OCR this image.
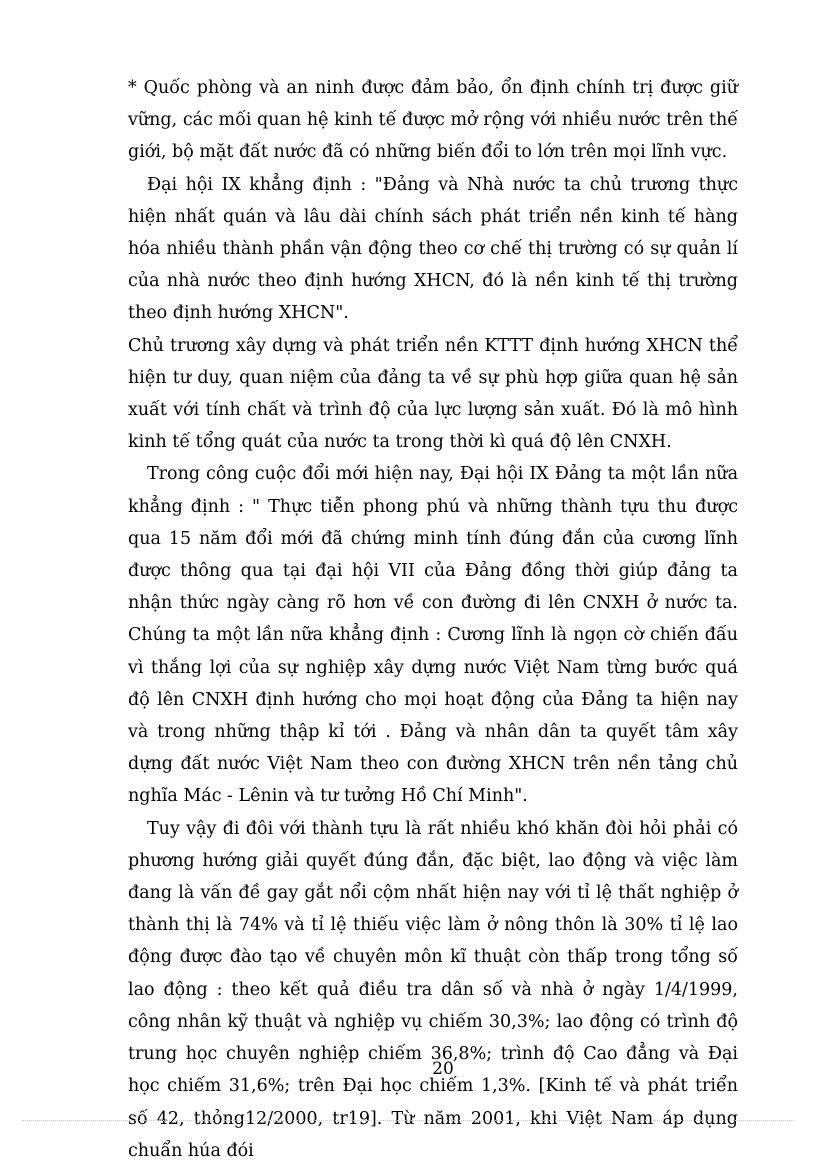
* Quốc phòng và an ninh được đảm bảo, ổn định chính trị được giữ vững, các mối quan hệ kinh tế được mở rộng với nhiều nước trên thế giới, bộ mặt đất nước đã có những biến đổi to lớn trên mọi lĩnh vực.

Đại hội IX khẳng định : "Đảng và Nhà nước ta chủ trương thực hiện nhất quán và lâu dài chính sách phát triển nền kinh tế hàng hóa nhiều thành phần vận động theo cơ chế thị trường có sự quản lí của nhà nước theo định hướng XHCN, đó là nền kinh tế thị trường theo định hướng XHCN".

Chủ trương xây dựng và phát triển nền KTTT định hướng XHCN thể hiện tư duy, quan niệm của đảng ta về sự phù hợp giữa quan hệ sản xuất với tính chất và trình độ của lực lượng sản xuất. Đó là mô hình kinh tế tổng quát của nước ta trong thời kì quá độ lên CNXH.

Trong công cuộc đổi mới hiện nay, Đại hội IX Đảng ta một lần nữa khẳng định : " Thực tiễn phong phú và những thành tựu thu được qua 15 năm đổi mới đã chứng minh tính đúng đắn của cương lĩnh được thông qua tại đại hội VII của Đảng đồng thời giúp đảng ta nhận thức ngày càng rõ hơn về con đường đi lên CNXH ở nước ta. Chúng ta một lần nữa khẳng định : Cương lĩnh là ngọn cờ chiến đấu vì thắng lợi của sự nghiệp xây dựng nước Việt Nam từng bước quá độ lên CNXH định hướng cho mọi hoạt động của Đảng ta hiện nay và trong những thập kỉ tới . Đảng và nhân dân ta quyết tâm xây dựng đất nước Việt Nam theo con đường XHCN trên nền tảng chủ nghĩa Mác - Lênin và tư tưởng Hồ Chí Minh".

Tuy vậy đi đôi với thành tựu là rất nhiều khó khăn đòi hỏi phải có phương hướng giải quyết đúng đắn, đặc biệt, lao động và việc làm đang là vấn đề gay gắt nổi cộm nhất hiện nay với tỉ lệ thất nghiệp ở thành thị là 74% và tỉ lệ thiếu việc làm ở nông thôn là 30% tỉ lệ lao động được đào tạo về chuyên môn kĩ thuật còn thấp trong tổng số lao động : theo kết quả điều tra dân số và nhà ở ngày 1/4/1999, công nhân kỹ thuật và nghiệp vụ chiếm 30,3%; lao động có trình độ trung học chuyên nghiệp chiếm 36,8%; trình độ Cao đẳng và Đại học chiếm 31,6%; trên Đại học chiếm 1,3%. [Kinh tế và phát triển số 42, thỏng12/2000, tr19]. Từ năm 2001, khi Việt Nam áp dụng chuẩn húa đói

20
